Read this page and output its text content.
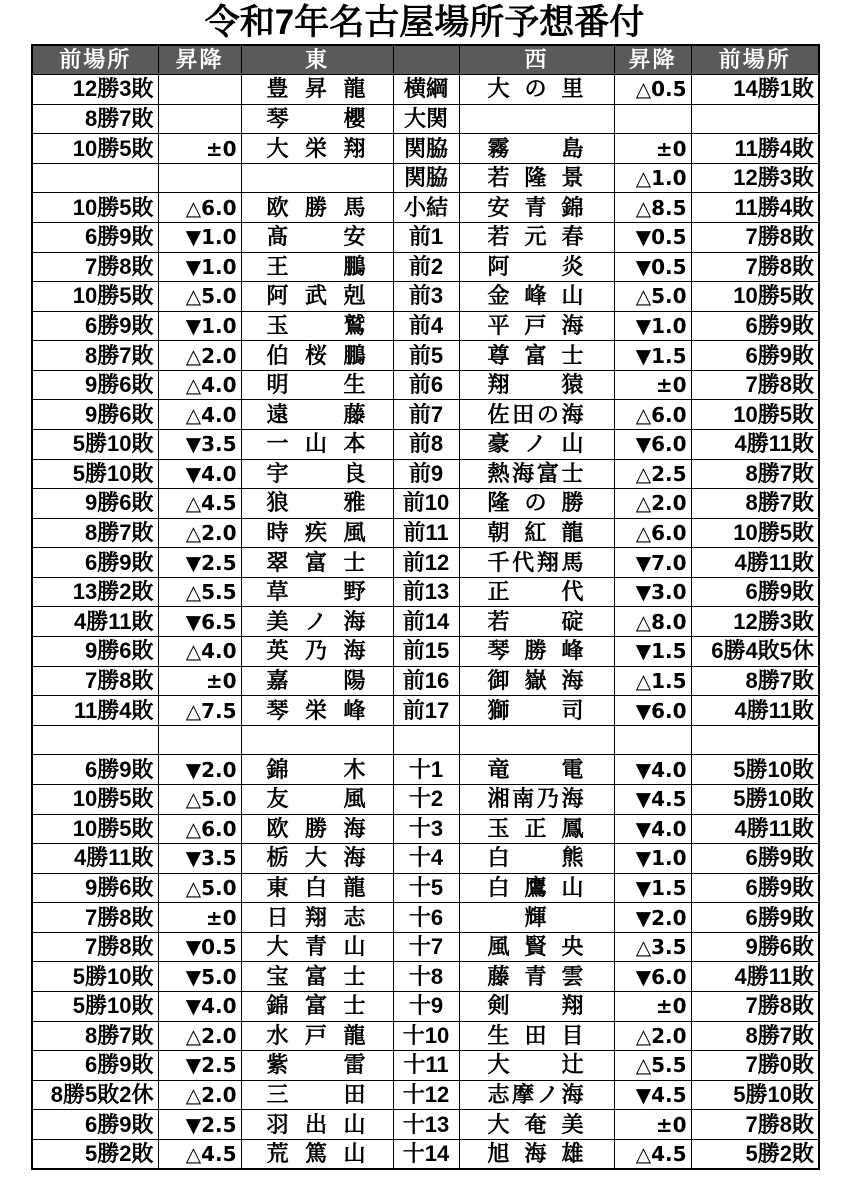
令和7年名古屋場所予想番付
前場所	昇降	東		西	昇降	前場所
12勝3敗		豊 昇 龍	横綱	大 の 里	△0.5	14勝1敗
8勝7敗		琴 櫻	大関			
10勝5敗	±0	大 栄 翔	関脇	霧 島	±0	11勝4敗
			関脇	若 隆 景	△1.0	12勝3敗
10勝5敗	△6.0	欧 勝 馬	小結	安 青 錦	△8.5	11勝4敗
6勝9敗	▼1.0	髙 安	前1	若 元 春	▼0.5	7勝8敗
7勝8敗	▼1.0	王 鵬	前2	阿 炎	▼0.5	7勝8敗
10勝5敗	△5.0	阿 武 剋	前3	金 峰 山	△5.0	10勝5敗
6勝9敗	▼1.0	玉 鷲	前4	平 戸 海	▼1.0	6勝9敗
8勝7敗	△2.0	伯 桜 鵬	前5	尊 富 士	▼1.5	6勝9敗
9勝6敗	△4.0	明 生	前6	翔 猿	±0	7勝8敗
9勝6敗	△4.0	遠 藤	前7	佐 田 の 海	△6.0	10勝5敗
5勝10敗	▼3.5	一 山 本	前8	豪 ノ 山	▼6.0	4勝11敗
5勝10敗	▼4.0	宇 良	前9	熱 海 富 士	△2.5	8勝7敗
9勝6敗	△4.5	狼 雅	前10	隆 の 勝	△2.0	8勝7敗
8勝7敗	△2.0	時 疾 風	前11	朝 紅 龍	△6.0	10勝5敗
6勝9敗	▼2.5	翠 富 士	前12	千 代 翔 馬	▼7.0	4勝11敗
13勝2敗	△5.5	草 野	前13	正 代	▼3.0	6勝9敗
4勝11敗	▼6.5	美 ノ 海	前14	若 碇	△8.0	12勝3敗
9勝6敗	△4.0	英 乃 海	前15	琴 勝 峰	▼1.5	6勝4敗5休
7勝8敗	±0	嘉 陽	前16	御 嶽 海	△1.5	8勝7敗
11勝4敗	△7.5	琴 栄 峰	前17	獅 司	▼6.0	4勝11敗

6勝9敗	▼2.0	錦 木	十1	竜 電	▼4.0	5勝10敗
10勝5敗	△5.0	友 風	十2	湘 南 乃 海	▼4.5	5勝10敗
10勝5敗	△6.0	欧 勝 海	十3	玉 正 鳳	▼4.0	4勝11敗
4勝11敗	▼3.5	栃 大 海	十4	白 熊	▼1.0	6勝9敗
9勝6敗	△5.0	東 白 龍	十5	白 鷹 山	▼1.5	6勝9敗
7勝8敗	±0	日 翔 志	十6	輝	▼2.0	6勝9敗
7勝8敗	▼0.5	大 青 山	十7	風 賢 央	△3.5	9勝6敗
5勝10敗	▼5.0	宝 富 士	十8	藤 青 雲	▼6.0	4勝11敗
5勝10敗	▼4.0	錦 富 士	十9	剣 翔	±0	7勝8敗
8勝7敗	△2.0	水 戸 龍	十10	生 田 目	△2.0	8勝7敗
6勝9敗	▼2.5	紫 雷	十11	大 辻	△5.5	7勝0敗
8勝5敗2休	△2.0	三 田	十12	志 摩 ノ 海	▼4.5	5勝10敗
6勝9敗	▼2.5	羽 出 山	十13	大 奄 美	±0	7勝8敗
5勝2敗	△4.5	荒 篤 山	十14	旭 海 雄	△4.5	5勝2敗
